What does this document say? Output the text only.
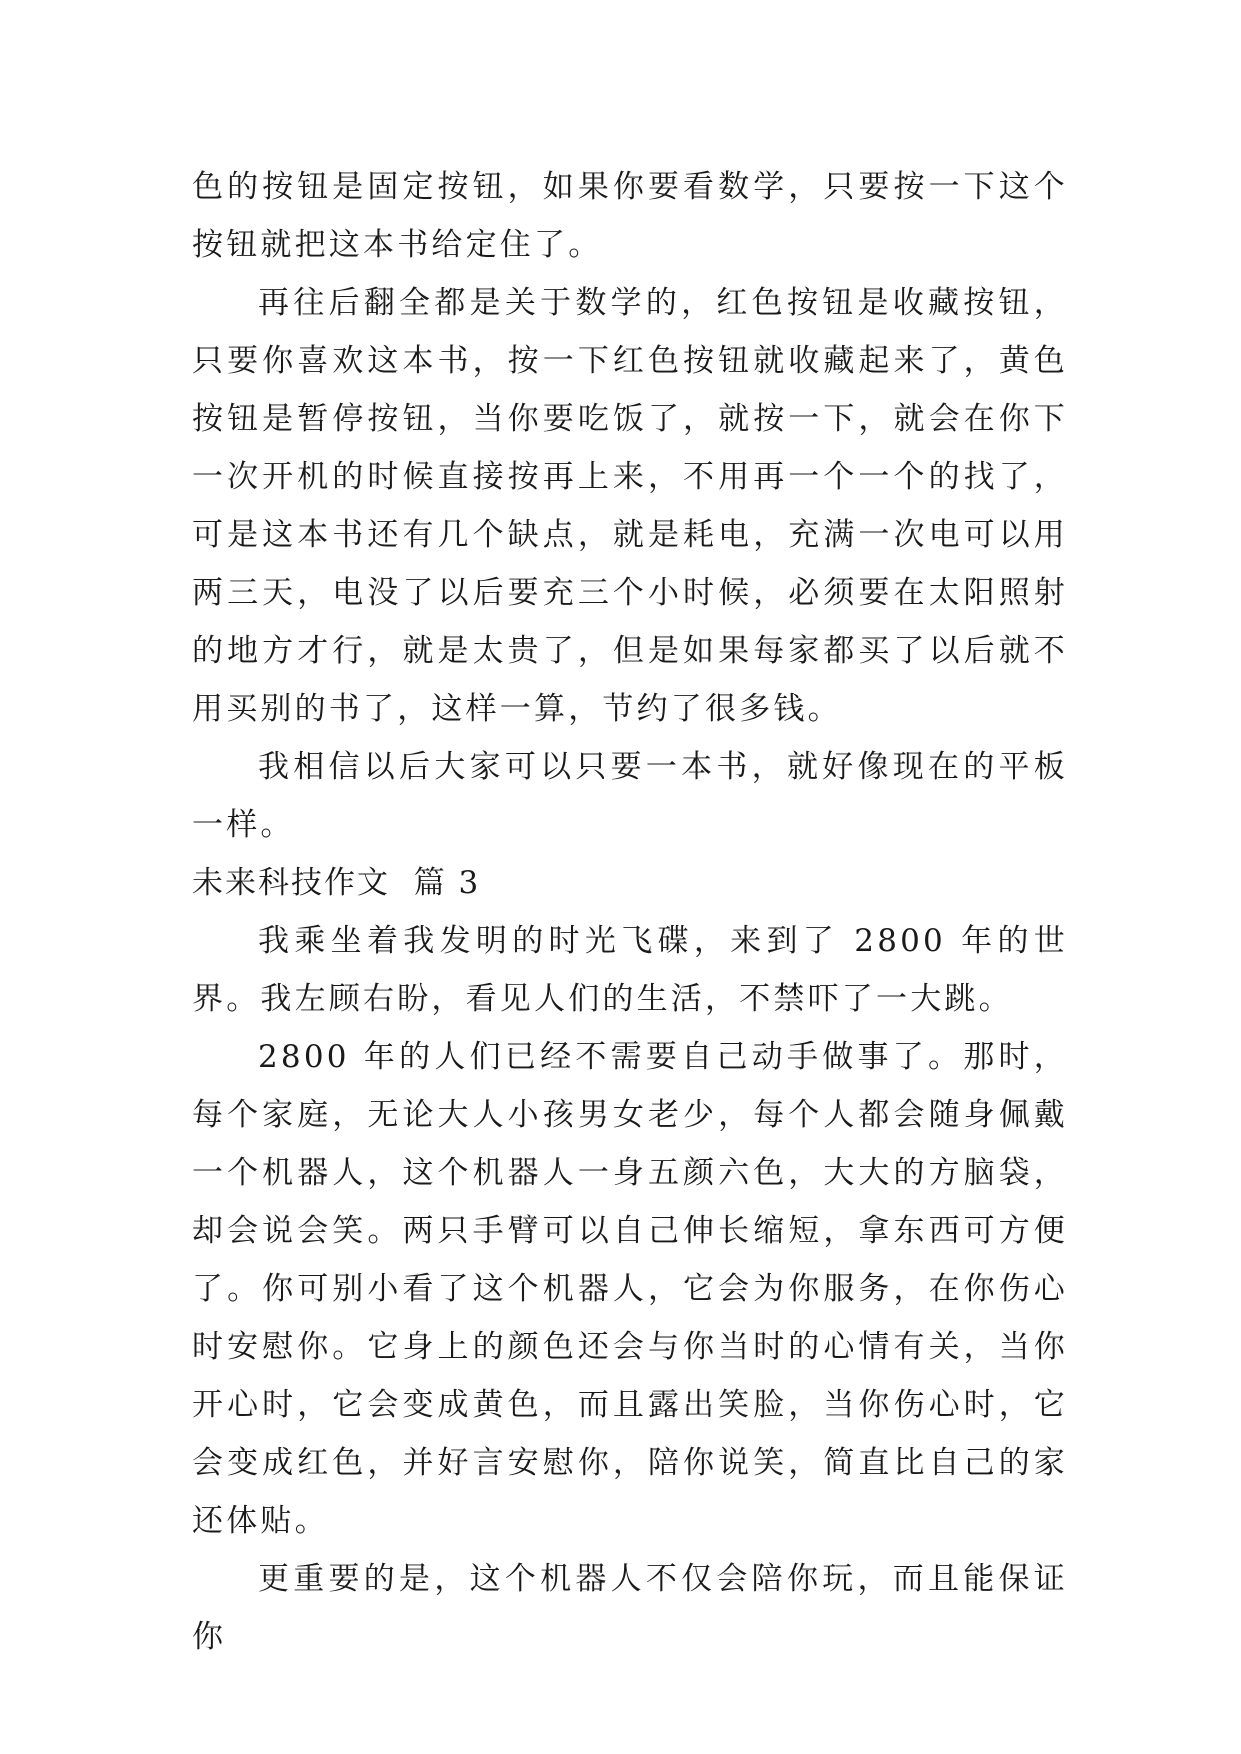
色的按钮是固定按钮，如果你要看数学，只要按一下这个按钮就把这本书给定住了。

再往后翻全都是关于数学的，红色按钮是收藏按钮，只要你喜欢这本书，按一下红色按钮就收藏起来了，黄色按钮是暂停按钮，当你要吃饭了，就按一下，就会在你下一次开机的时候直接按再上来，不用再一个一个的找了，可是这本书还有几个缺点，就是耗电，充满一次电可以用两三天，电没了以后要充三个小时候，必须要在太阳照射的地方才行，就是太贵了，但是如果每家都买了以后就不用买别的书了，这样一算，节约了很多钱。

我相信以后大家可以只要一本书，就好像现在的平板一样。

未来科技作文  篇 3

我乘坐着我发明的时光飞碟，来到了 2800 年的世界。我左顾右盼，看见人们的生活，不禁吓了一大跳。

2800 年的人们已经不需要自己动手做事了。那时，每个家庭，无论大人小孩男女老少，每个人都会随身佩戴一个机器人，这个机器人一身五颜六色，大大的方脑袋，却会说会笑。两只手臂可以自己伸长缩短，拿东西可方便了。你可别小看了这个机器人，它会为你服务，在你伤心时安慰你。它身上的颜色还会与你当时的心情有关，当你开心时，它会变成黄色，而且露出笑脸，当你伤心时，它会变成红色，并好言安慰你，陪你说笑，简直比自己的家还体贴。

更重要的是，这个机器人不仅会陪你玩，而且能保证你
